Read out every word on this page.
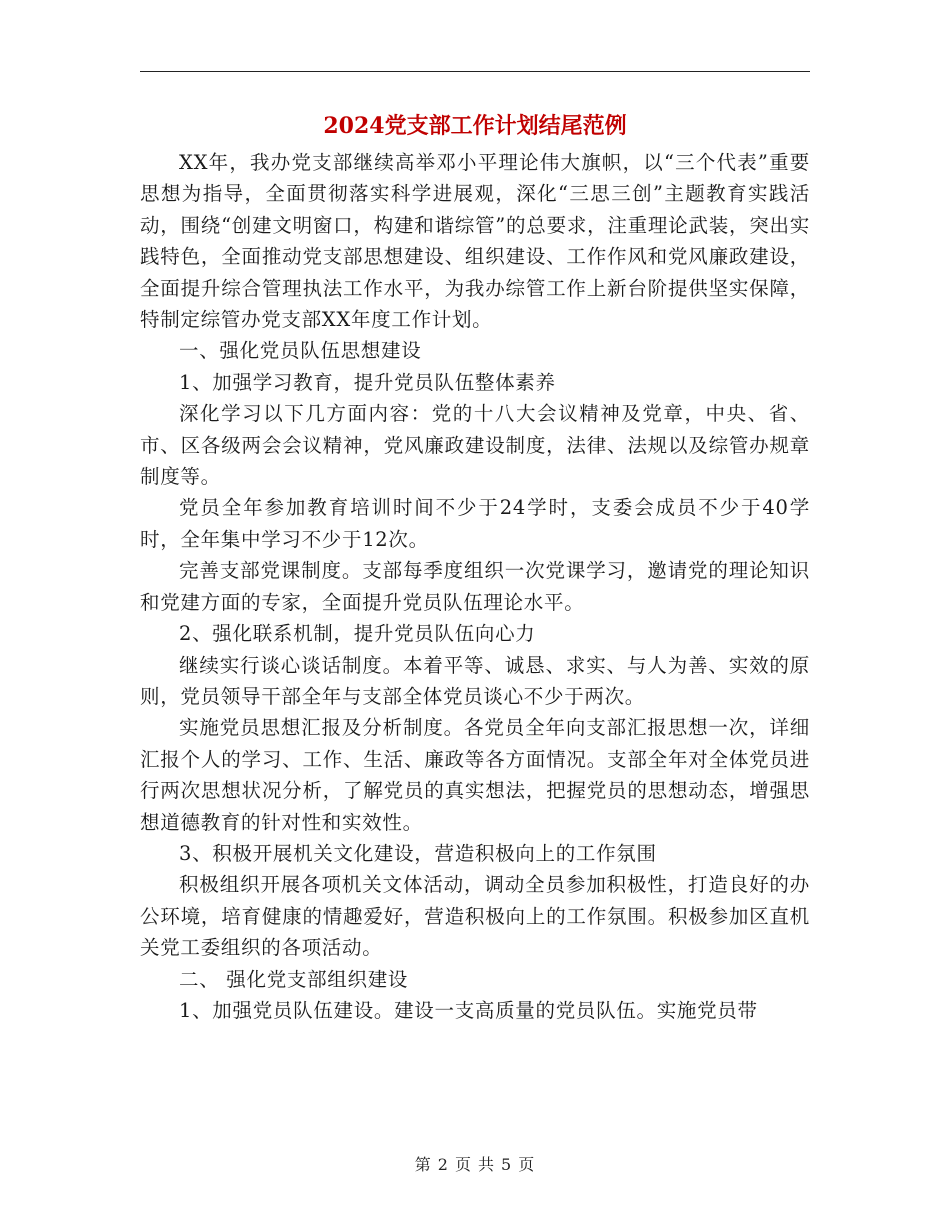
2024党支部工作计划结尾范例

XX年，我办党支部继续高举邓小平理论伟大旗帜，以“三个代表”重要思想为指导，全面贯彻落实科学进展观，深化“三思三创”主题教育实践活动，围绕“创建文明窗口，构建和谐综管”的总要求，注重理论武装，突出实践特色，全面推动党支部思想建设、组织建设、工作作风和党风廉政建设，全面提升综合管理执法工作水平，为我办综管工作上新台阶提供坚实保障，特制定综管办党支部XX年度工作计划。

一、强化党员队伍思想建设

1、加强学习教育，提升党员队伍整体素养

深化学习以下几方面内容：党的十八大会议精神及党章，中央、省、市、区各级两会会议精神，党风廉政建设制度，法律、法规以及综管办规章制度等。

党员全年参加教育培训时间不少于24学时，支委会成员不少于40学时，全年集中学习不少于12次。

完善支部党课制度。支部每季度组织一次党课学习，邀请党的理论知识和党建方面的专家，全面提升党员队伍理论水平。

2、强化联系机制，提升党员队伍向心力

继续实行谈心谈话制度。本着平等、诚恳、求实、与人为善、实效的原则，党员领导干部全年与支部全体党员谈心不少于两次。

实施党员思想汇报及分析制度。各党员全年向支部汇报思想一次，详细汇报个人的学习、工作、生活、廉政等各方面情况。支部全年对全体党员进行两次思想状况分析，了解党员的真实想法，把握党员的思想动态，增强思想道德教育的针对性和实效性。

3、积极开展机关文化建设，营造积极向上的工作氛围

积极组织开展各项机关文体活动，调动全员参加积极性，打造良好的办公环境，培育健康的情趣爱好，营造积极向上的工作氛围。积极参加区直机关党工委组织的各项活动。

二、 强化党支部组织建设

1、加强党员队伍建设。建设一支高质量的党员队伍。实施党员带

第 2 页 共 5 页
